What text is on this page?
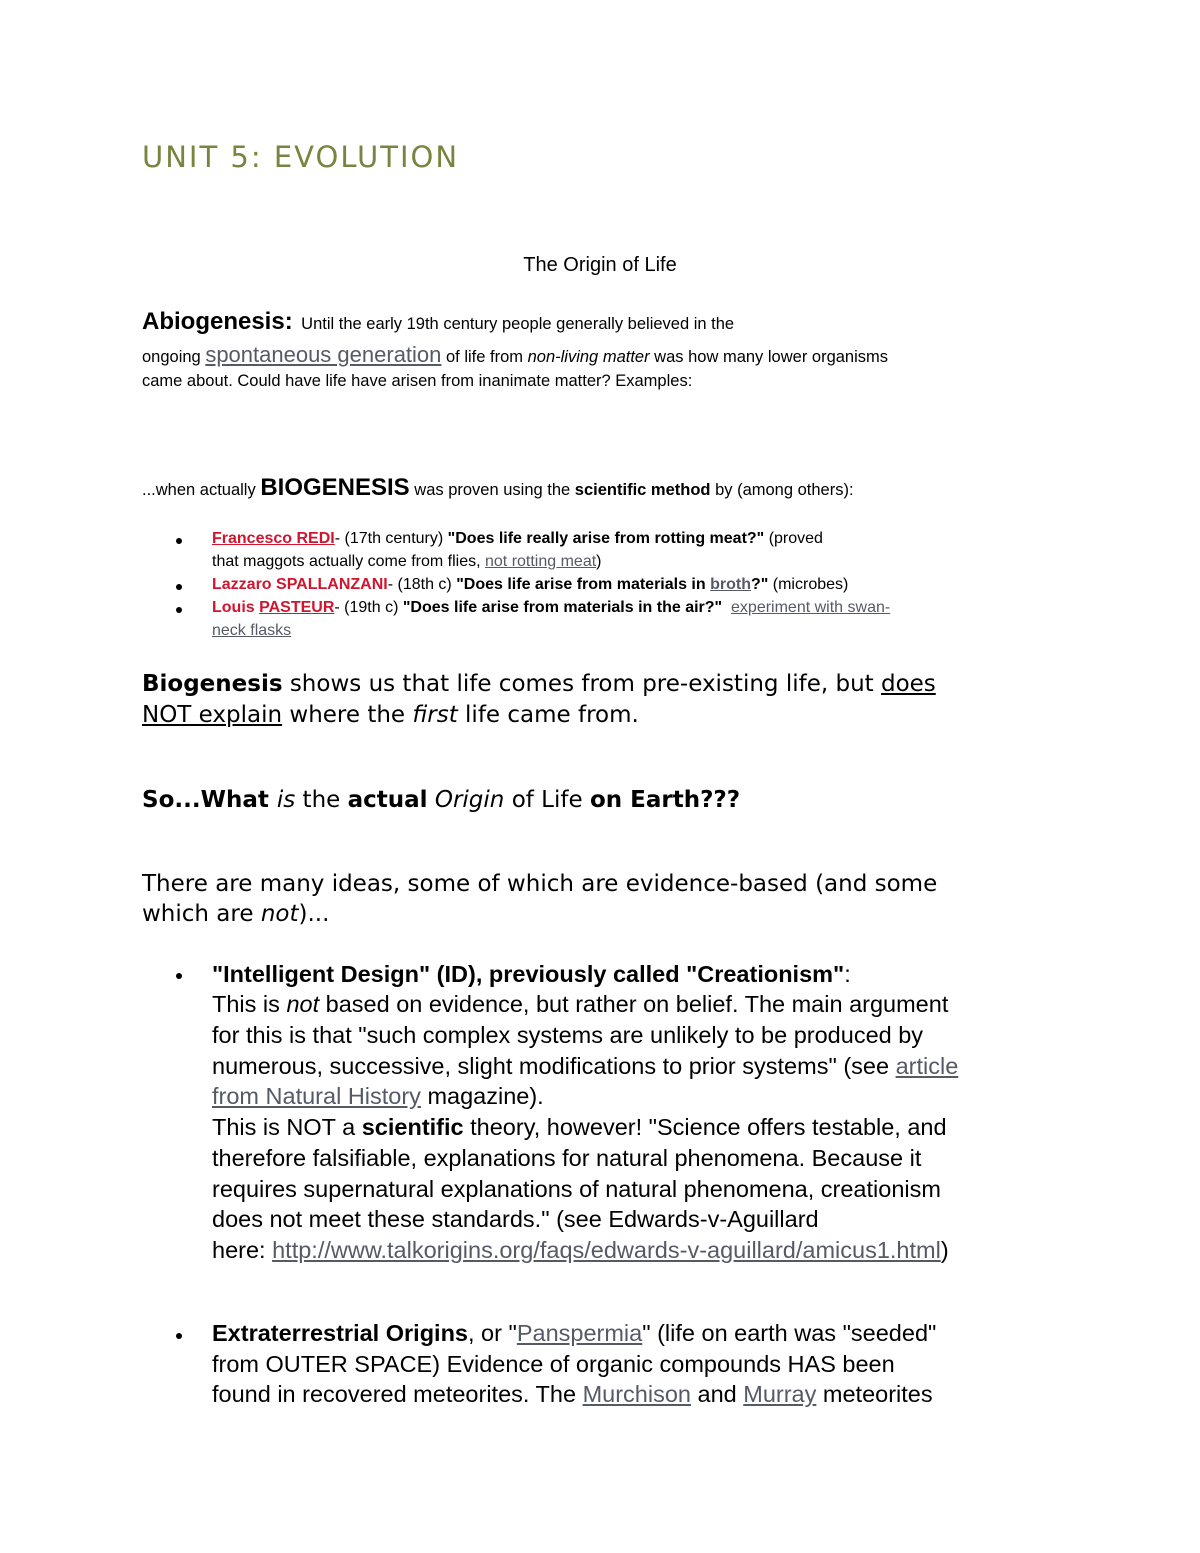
UNIT 5: EVOLUTION
The Origin of Life
Abiogenesis: Until the early 19th century people generally believed in the
ongoing spontaneous generation of life from non-living matter was how many lower organisms
came about. Could have life have arisen from inanimate matter? Examples:
...when actually BIOGENESIS was proven using the scientific method by (among others):
Francesco REDI- (17th century) "Does life really arise from rotting meat?" (proved
that maggots actually come from flies, not rotting meat)
Lazzaro SPALLANZANI- (18th c) "Does life arise from materials in broth?" (microbes)
Louis PASTEUR- (19th c) "Does life arise from materials in the air?" experiment with swan-
neck flasks
Biogenesis shows us that life comes from pre-existing life, but does
NOT explain where the first life came from.
So...What is the actual Origin of Life on Earth???
There are many ideas, some of which are evidence-based (and some
which are not)...
"Intelligent Design" (ID), previously called "Creationism":
This is not based on evidence, but rather on belief. The main argument
for this is that "such complex systems are unlikely to be produced by
numerous, successive, slight modifications to prior systems" (see article
from Natural History magazine).
This is NOT a scientific theory, however! "Science offers testable, and
therefore falsifiable, explanations for natural phenomena. Because it
requires supernatural explanations of natural phenomena, creationism
does not meet these standards." (see Edwards-v-Aguillard
here: http://www.talkorigins.org/faqs/edwards-v-aguillard/amicus1.html)
Extraterrestrial Origins, or "Panspermia" (life on earth was "seeded"
from OUTER SPACE) Evidence of organic compounds HAS been
found in recovered meteorites. The Murchison and Murray meteorites
